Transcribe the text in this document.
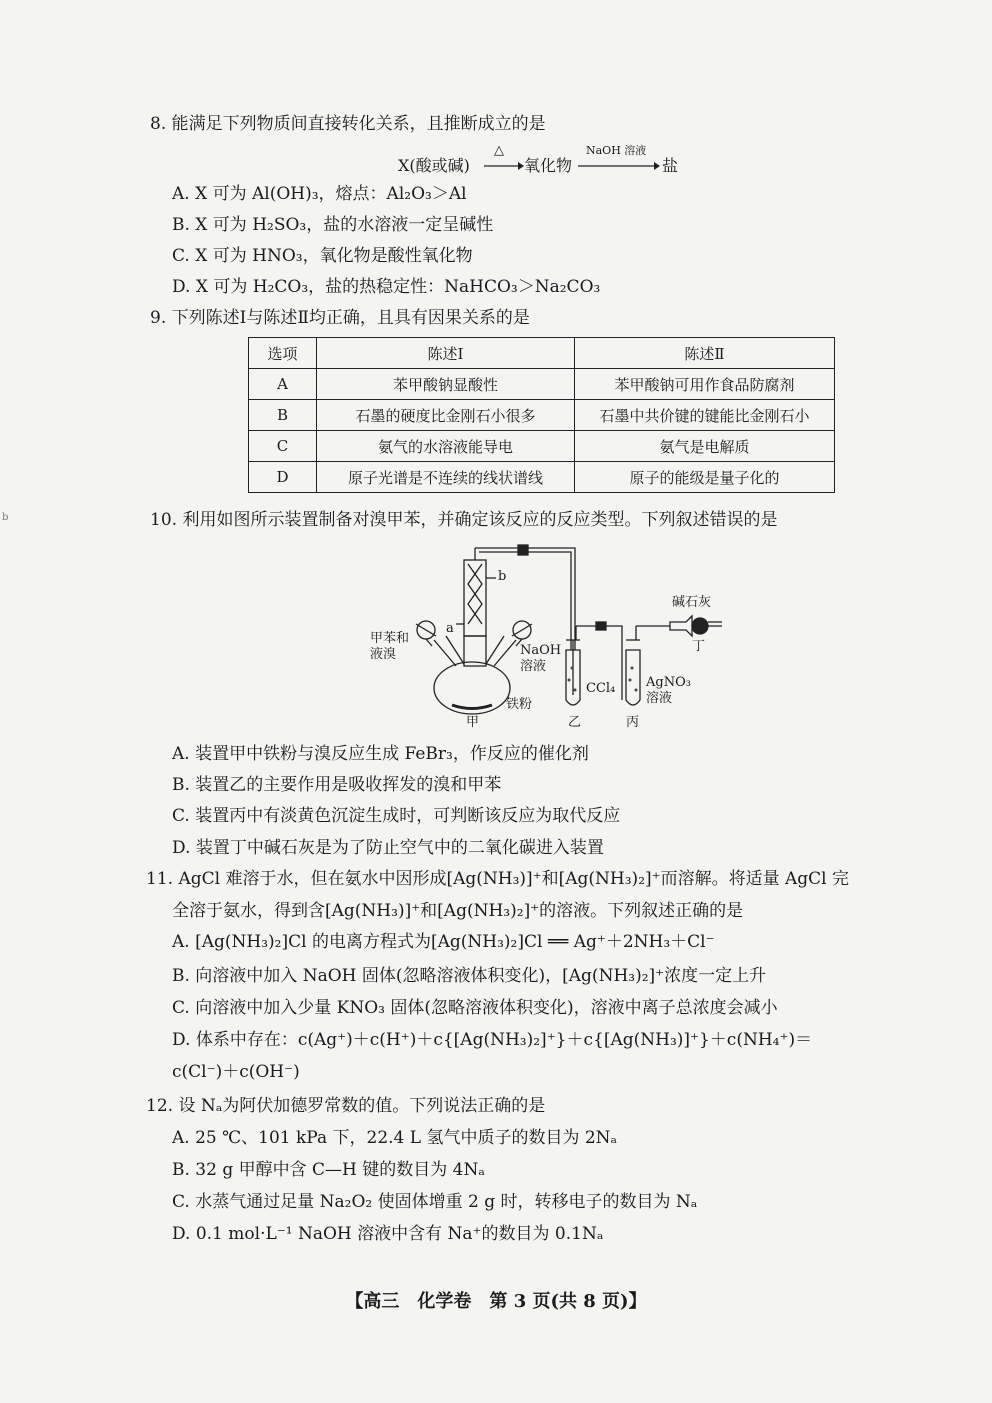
8. 能满足下列物质间直接转化关系，且推断成立的是
X(酸或碱)
△
氧化物
NaOH 溶液
盐
A. X 可为 Al(OH)₃，熔点：Al₂O₃＞Al
B. X 可为 H₂SO₃，盐的水溶液一定呈碱性
C. X 可为 HNO₃，氧化物是酸性氧化物
D. X 可为 H₂CO₃，盐的热稳定性：NaHCO₃＞Na₂CO₃
9. 下列陈述Ⅰ与陈述Ⅱ均正确，且具有因果关系的是
选项	陈述Ⅰ	陈述Ⅱ
A	苯甲酸钠显酸性	苯甲酸钠可用作食品防腐剂
B	石墨的硬度比金刚石小很多	石墨中共价键的键能比金刚石小
C	氨气的水溶液能导电	氨气是电解质
D	原子光谱是不连续的线状谱线	原子的能级是量子化的
b	10. 利用如图所示装置制备对溴甲苯，并确定该反应的反应类型。下列叙述错误的是
甲苯和
液溴	NaOH
溶液
铁粉
a
b
甲	乙	丙
丁
CCl₄ AgNO₃
溶液
碱石灰
A. 装置甲中铁粉与溴反应生成 FeBr₃，作反应的催化剂
B. 装置乙的主要作用是吸收挥发的溴和甲苯
C. 装置丙中有淡黄色沉淀生成时，可判断该反应为取代反应
D. 装置丁中碱石灰是为了防止空气中的二氧化碳进入装置
11. AgCl 难溶于水，但在氨水中因形成[Ag(NH₃)]⁺和[Ag(NH₃)₂]⁺而溶解。将适量 AgCl 完
全溶于氨水，得到含[Ag(NH₃)]⁺和[Ag(NH₃)₂]⁺的溶液。下列叙述正确的是
A. [Ag(NH₃)₂]Cl 的电离方程式为[Ag(NH₃)₂]Cl ══ Ag⁺＋2NH₃＋Cl⁻
B. 向溶液中加入 NaOH 固体(忽略溶液体积变化)，[Ag(NH₃)₂]⁺浓度一定上升
C. 向溶液中加入少量 KNO₃ 固体(忽略溶液体积变化)，溶液中离子总浓度会减小
D. 体系中存在：c(Ag⁺)＋c(H⁺)＋c{[Ag(NH₃)₂]⁺}＋c{[Ag(NH₃)]⁺}＋c(NH₄⁺)＝
c(Cl⁻)＋c(OH⁻)
12. 设 Nₐ为阿伏加德罗常数的值。下列说法正确的是
A. 25 ℃、101 kPa 下，22.4 L 氢气中质子的数目为 2Nₐ
B. 32 g 甲醇中含 C—H 键的数目为 4Nₐ
C. 水蒸气通过足量 Na₂O₂ 使固体增重 2 g 时，转移电子的数目为 Nₐ
D. 0.1 mol·L⁻¹ NaOH 溶液中含有 Na⁺的数目为 0.1Nₐ
【高三　化学卷　第 3 页(共 8 页)】
